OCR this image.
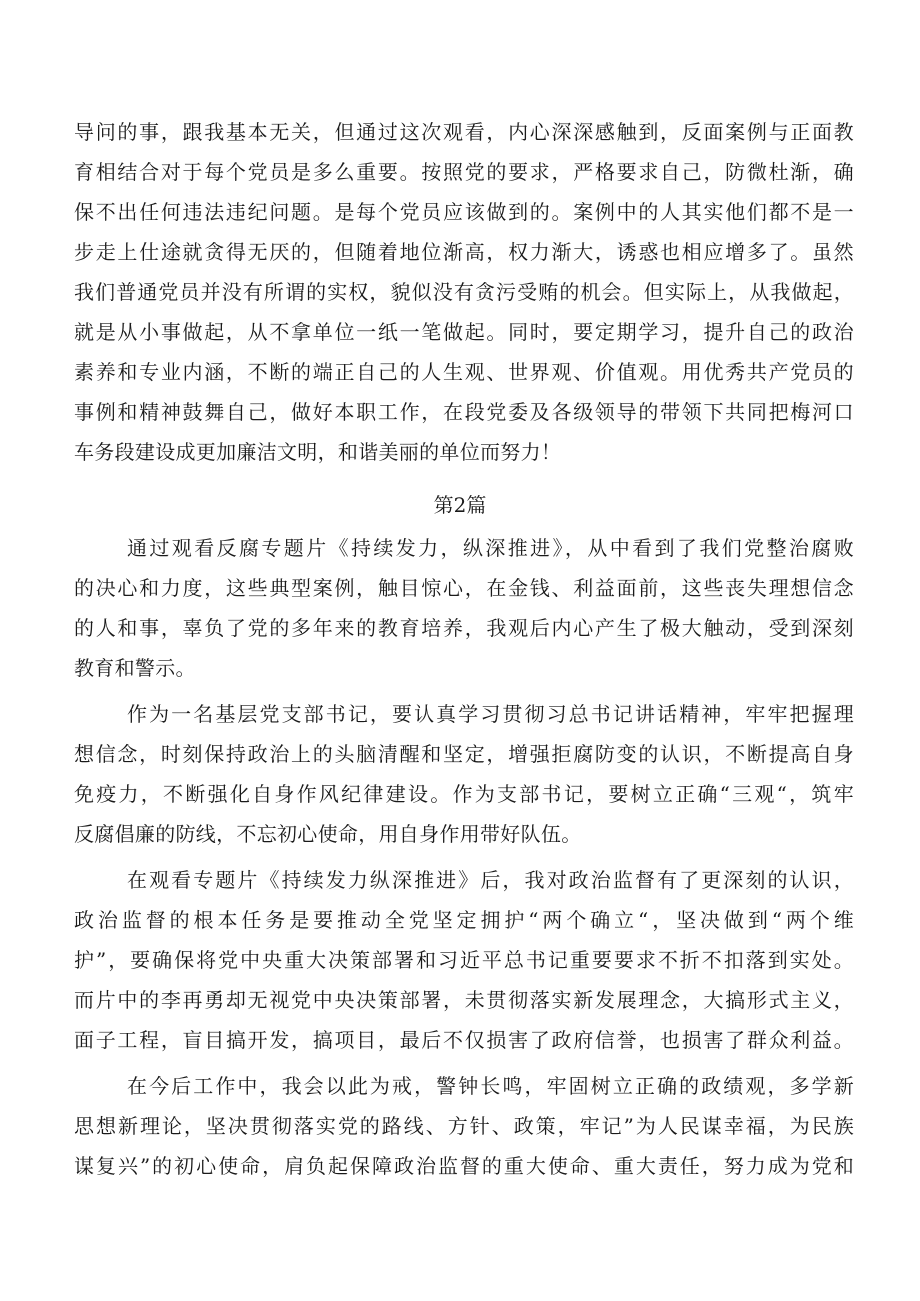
导问的事，跟我基本无关，但通过这次观看，内心深深感触到，反面案例与正面教
育相结合对于每个党员是多么重要。按照党的要求，严格要求自己，防微杜渐，确
保不出任何违法违纪问题。是每个党员应该做到的。案例中的人其实他们都不是一
步走上仕途就贪得无厌的，但随着地位渐高，权力渐大，诱惑也相应增多了。虽然
我们普通党员并没有所谓的实权，貌似没有贪污受贿的机会。但实际上，从我做起，
就是从小事做起，从不拿单位一纸一笔做起。同时，要定期学习，提升自己的政治
素养和专业内涵，不断的端正自己的人生观、世界观、价值观。用优秀共产党员的
事例和精神鼓舞自己，做好本职工作，在段党委及各级领导的带领下共同把梅河口
车务段建设成更加廉洁文明，和谐美丽的单位而努力！
第2篇
通过观看反腐专题片《持续发力，纵深推进》，从中看到了我们党整治腐败
的决心和力度，这些典型案例，触目惊心，在金钱、利益面前，这些丧失理想信念
的人和事，辜负了党的多年来的教育培养，我观后内心产生了极大触动，受到深刻
教育和警示。
作为一名基层党支部书记，要认真学习贯彻习总书记讲话精神，牢牢把握理
想信念，时刻保持政治上的头脑清醒和坚定，增强拒腐防变的认识，不断提高自身
免疫力，不断强化自身作风纪律建设。作为支部书记，要树立正确“三观“，筑牢
反腐倡廉的防线，不忘初心使命，用自身作用带好队伍。
在观看专题片《持续发力纵深推进》后，我对政治监督有了更深刻的认识，
政治监督的根本任务是要推动全党坚定拥护“两个确立“，坚决做到“两个维
护”，要确保将党中央重大决策部署和习近平总书记重要要求不折不扣落到实处。
而片中的李再勇却无视党中央决策部署，未贯彻落实新发展理念，大搞形式主义，
面子工程，盲目搞开发，搞项目，最后不仅损害了政府信誉，也损害了群众利益。
在今后工作中，我会以此为戒，警钟长鸣，牢固树立正确的政绩观，多学新
思想新理论，坚决贯彻落实党的路线、方针、政策，牢记”为人民谋幸福，为民族
谋复兴”的初心使命，肩负起保障政治监督的重大使命、重大责任，努力成为党和
